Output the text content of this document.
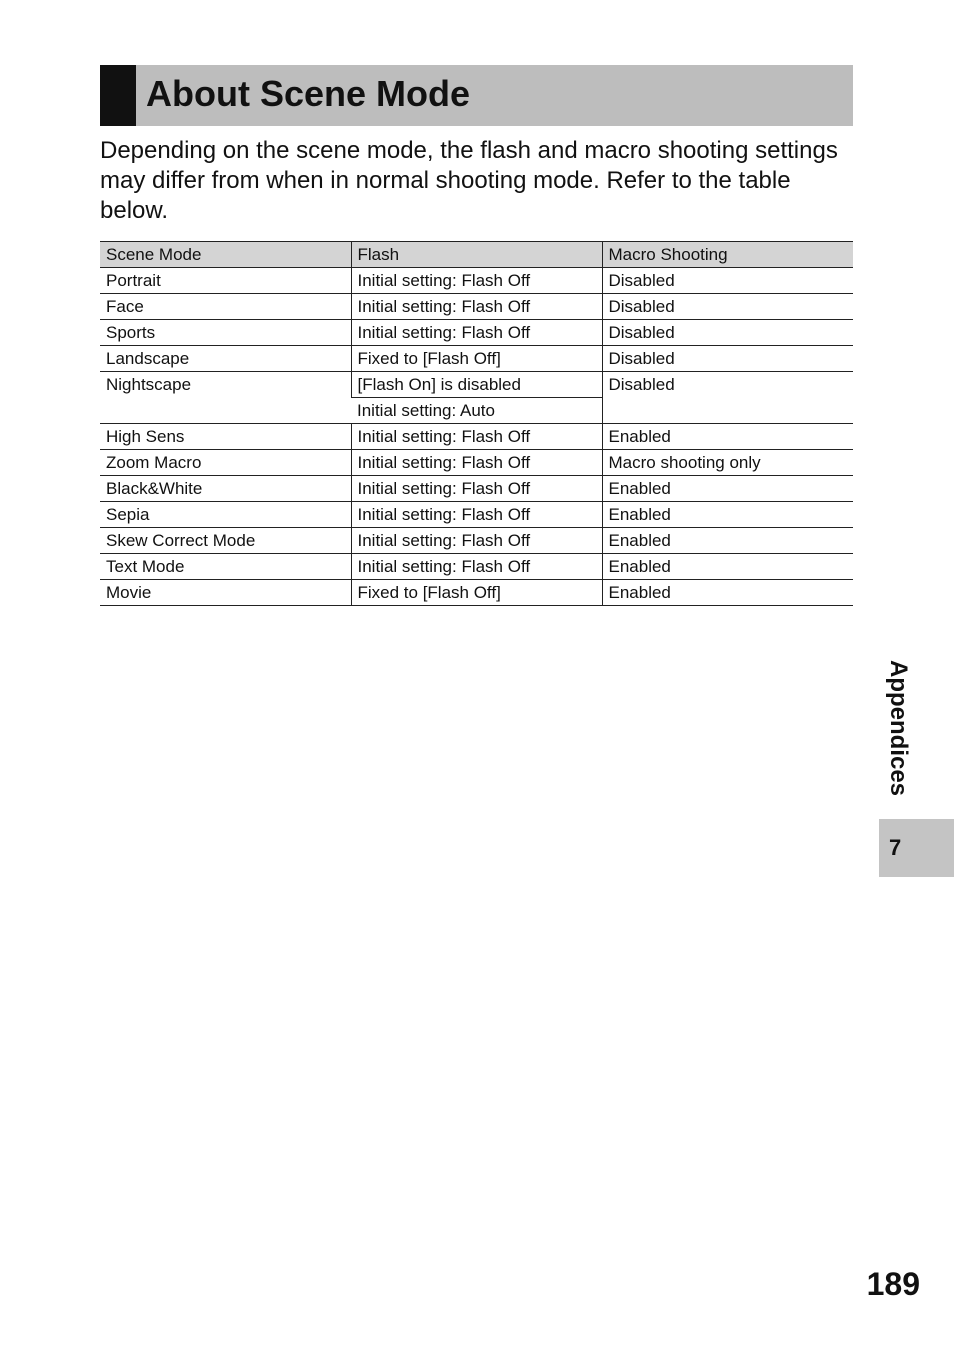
About Scene Mode
Depending on the scene mode, the flash and macro shooting settings may differ from when in normal shooting mode. Refer to the table below.
Scene Mode	Flash	Macro Shooting
Portrait	Initial setting: Flash Off	Disabled
Face	Initial setting: Flash Off	Disabled
Sports	Initial setting: Flash Off	Disabled
Landscape	Fixed to [Flash Off]	Disabled
Nightscape	[Flash On] is disabled	Disabled
	Initial setting: Auto	
High Sens	Initial setting: Flash Off	Enabled
Zoom Macro	Initial setting: Flash Off	Macro shooting only
Black&White	Initial setting: Flash Off	Enabled
Sepia	Initial setting: Flash Off	Enabled
Skew Correct Mode	Initial setting: Flash Off	Enabled
Text Mode	Initial setting: Flash Off	Enabled
Movie	Fixed to [Flash Off]	Enabled
Appendices
7
189
